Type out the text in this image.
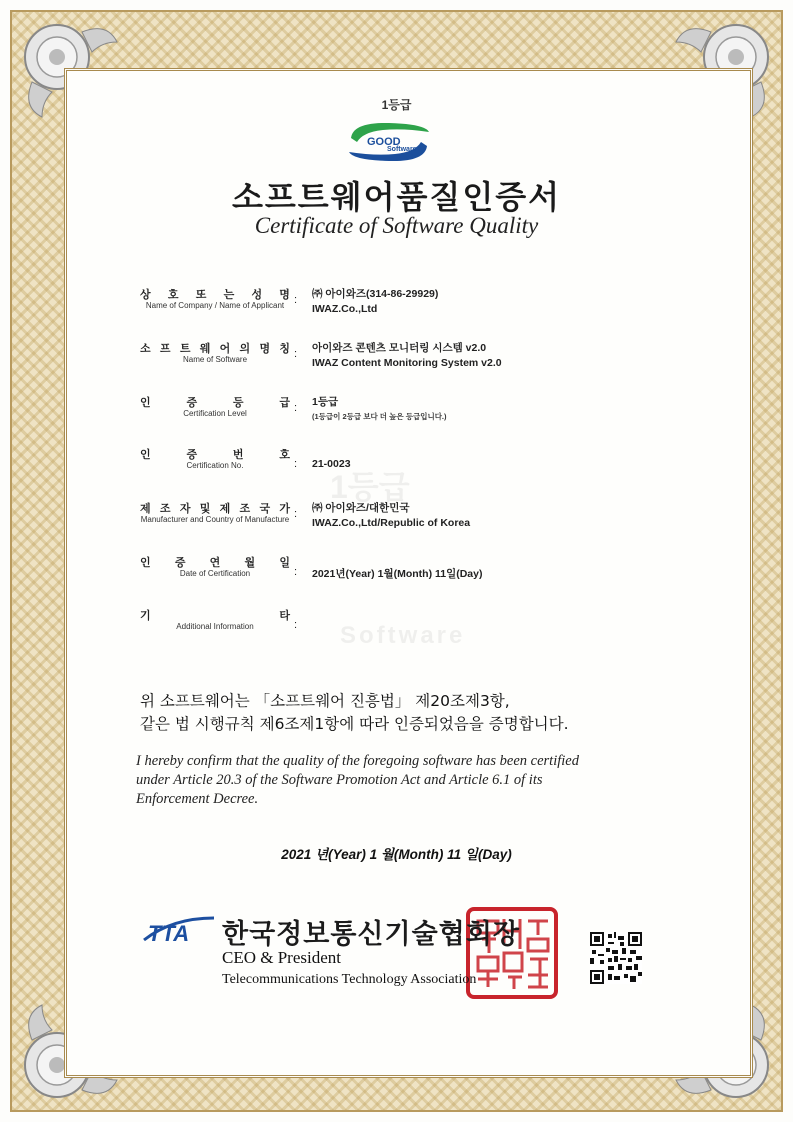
1등급
GOOD
Software
소프트웨어품질인증서
Certificate of Software Quality
1등급
Software
상 호 또 는 성 명
Name of Company / Name of Applicant : ㈜ 아이와즈(314-86-29929)
IWAZ.Co.,Ltd
소 프 트 웨 어 의 명 칭
Name of Software	: 아이와즈 콘텐츠 모니터링 시스템 v2.0
IWAZ Content Monitoring System v2.0
인	증	등	급
Certification Level	: 1등급
(1등급이 2등급 보다 더 높은 등급입니다.)
인	증	번	호
Certification No.	: 21-0023
제 조 자 및 제 조 국 가
Manufacturer and Country of Manufacture : ㈜ 아이와즈/대한민국
IWAZ.Co.,Ltd/Republic of Korea
인 증 연 월 일
Date of Certification	: 2021년(Year) 1월(Month) 11일(Day)
기	타
Additional Information	:
위 소프트웨어는 「소프트웨어 진흥법」 제20조제3항,
같은 법 시행규칙 제6조제1항에 따라 인증되었음을 증명합니다.
I hereby confirm that the quality of the foregoing software has been certified
under Article 20.3 of the Software Promotion Act and Article 6.1 of its
Enforcement Decree.
2021 년(Year) 1 월(Month) 11 일(Day)
TTA 한국정보통신기술협회장
CEO & President
Telecommunications Technology Association
